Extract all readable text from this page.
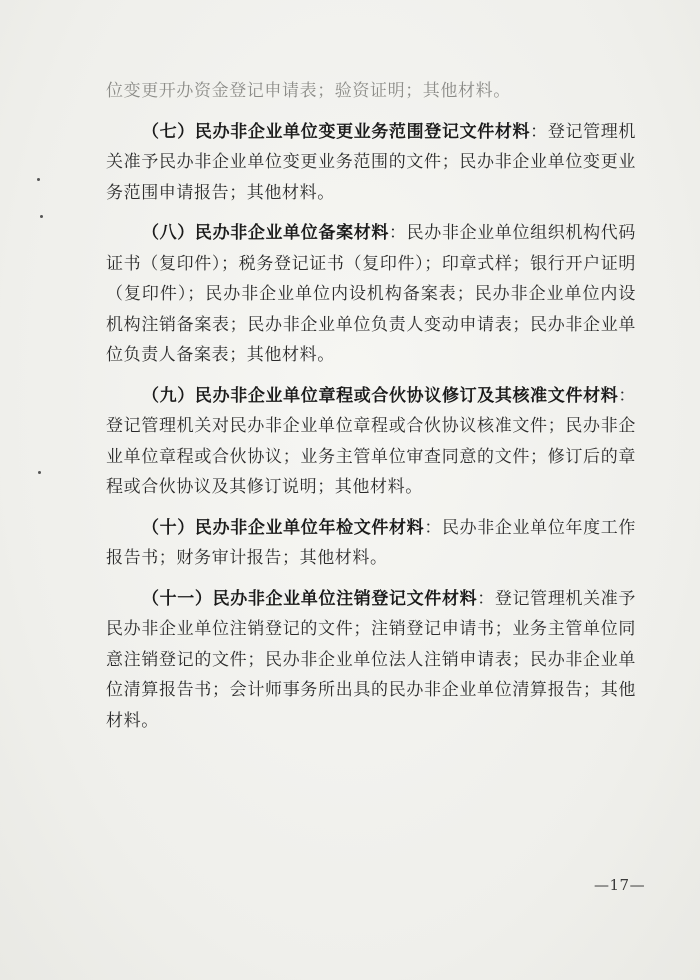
位变更开办资金登记申请表；验资证明；其他材料。

（七）民办非企业单位变更业务范围登记文件材料：登记管理机关准予民办非企业单位变更业务范围的文件；民办非企业单位变更业务范围申请报告；其他材料。

（八）民办非企业单位备案材料：民办非企业单位组织机构代码证书（复印件）；税务登记证书（复印件）；印章式样；银行开户证明（复印件）；民办非企业单位内设机构备案表；民办非企业单位内设机构注销备案表；民办非企业单位负责人变动申请表；民办非企业单位负责人备案表；其他材料。

（九）民办非企业单位章程或合伙协议修订及其核准文件材料：登记管理机关对民办非企业单位章程或合伙协议核准文件；民办非企业单位章程或合伙协议；业务主管单位审查同意的文件；修订后的章程或合伙协议及其修订说明；其他材料。

（十）民办非企业单位年检文件材料：民办非企业单位年度工作报告书；财务审计报告；其他材料。

（十一）民办非企业单位注销登记文件材料：登记管理机关准予民办非企业单位注销登记的文件；注销登记申请书；业务主管单位同意注销登记的文件；民办非企业单位法人注销申请表；民办非企业单位清算报告书；会计师事务所出具的民办非企业单位清算报告；其他材料。

—17—
